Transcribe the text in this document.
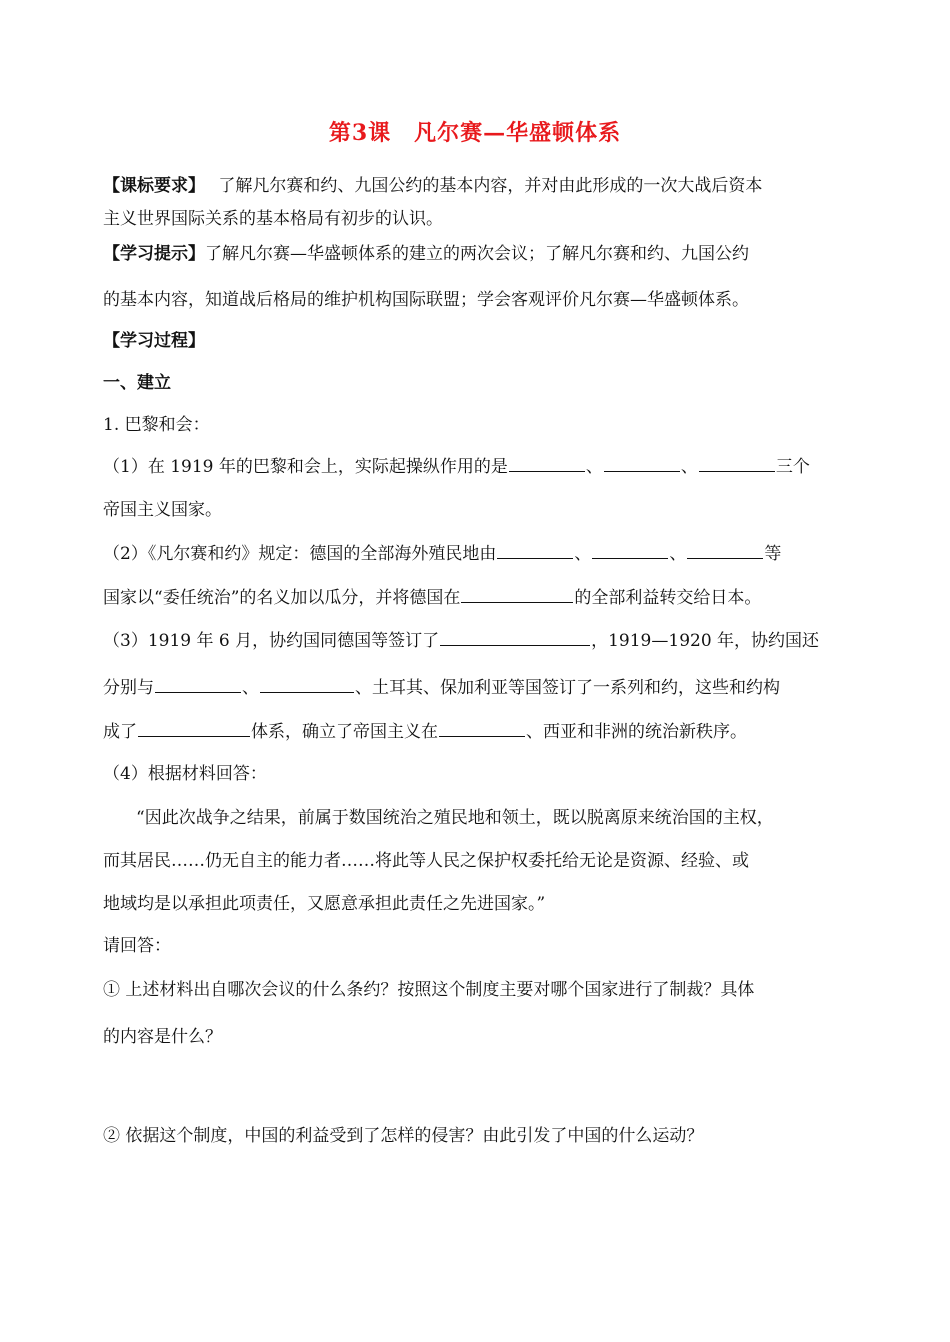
第3课　凡尔赛—华盛顿体系
【课标要求】 了解凡尔赛和约、九国公约的基本内容，并对由此形成的一次大战后资本
主义世界国际关系的基本格局有初步的认识。
【学习提示】了解凡尔赛—华盛顿体系的建立的两次会议；了解凡尔赛和约、九国公约
的基本内容，知道战后格局的维护机构国际联盟；学会客观评价凡尔赛—华盛顿体系。
【学习过程】
一、建立
1. 巴黎和会：
（1）在 1919 年的巴黎和会上，实际起操纵作用的是	、	、	三个
帝国主义国家。
（2）《凡尔赛和约》规定：德国的全部海外殖民地由	、	、	等
国家以“委任统治”的名义加以瓜分，并将德国在	的全部利益转交给日本。
（3）1919 年 6 月，协约国同德国等签订了	，1919—1920 年，协约国还
分别与	、	、土耳其、保加利亚等国签订了一系列和约，这些和约构
成了	体系，确立了帝国主义在	、西亚和非洲的统治新秩序。
（4）根据材料回答：
“因此次战争之结果，前属于数国统治之殖民地和领土，既以脱离原来统治国的主权，
而其居民……仍无自主的能力者……将此等人民之保护权委托给无论是资源、经验、或
地域均是以承担此项责任，又愿意承担此责任之先进国家。”
请回答：
① 上述材料出自哪次会议的什么条约？按照这个制度主要对哪个国家进行了制裁？具体
的内容是什么？
② 依据这个制度，中国的利益受到了怎样的侵害？由此引发了中国的什么运动？
